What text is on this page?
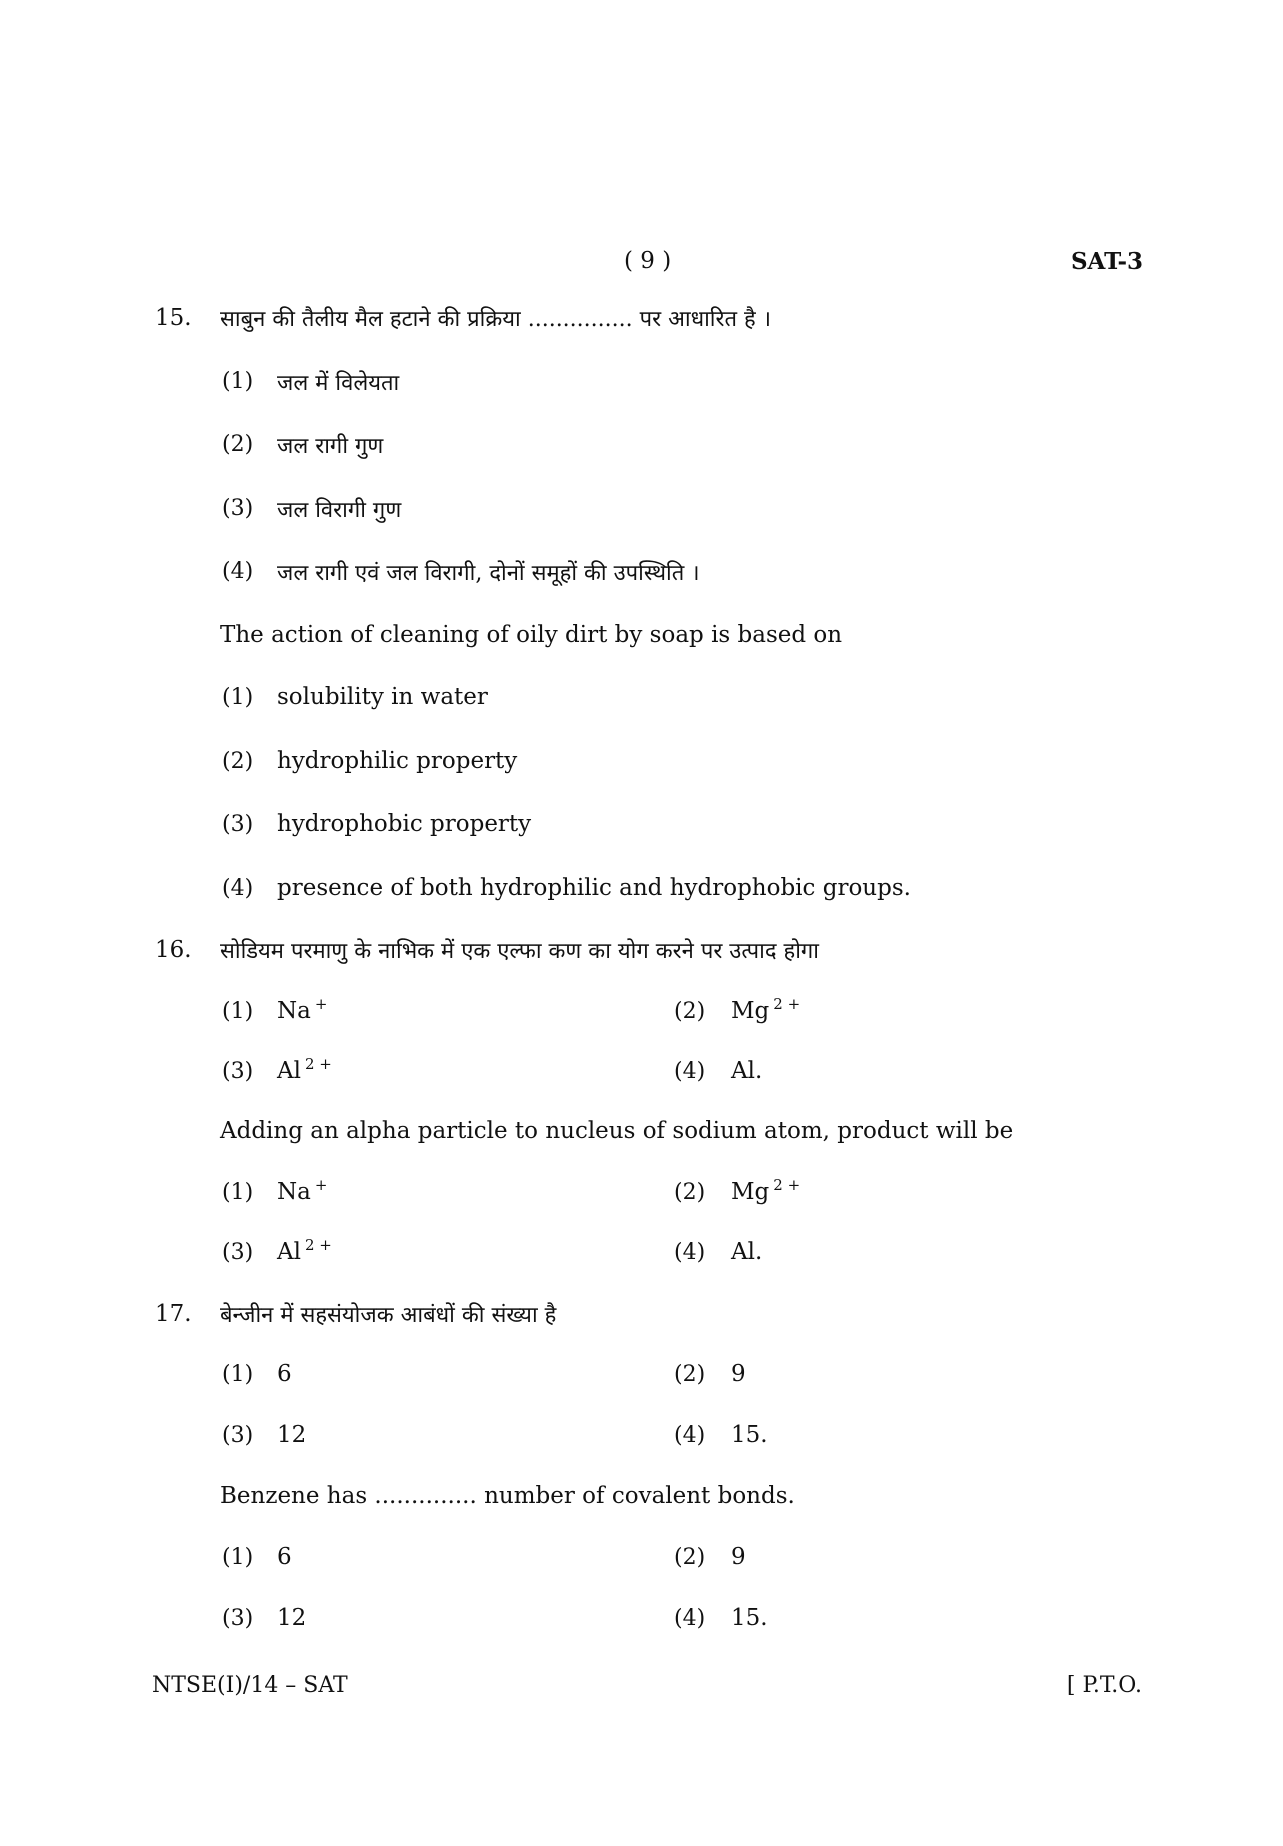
( 9 )	SAT-3
15. साबुन की तैलीय मैल हटाने की प्रक्रिया ............... पर आधारित है ।
(1) जल में विलेयता
(2) जल रागी गुण
(3) जल विरागी गुण
(4) जल रागी एवं जल विरागी, दोनों समूहों की उपस्थिति ।
The action of cleaning of oily dirt by soap is based on
(1) solubility in water
(2) hydrophilic property
(3) hydrophobic property
(4) presence of both hydrophilic and hydrophobic groups.
16. सोडियम परमाणु के नाभिक में एक एल्फा कण का योग करने पर उत्पाद होगा
(1) Na +	(2) Mg $^{2 +}$
(3) Al $^{2 +}$	(4) Al.
Adding an alpha particle to nucleus of sodium atom, product will be
(1) Na +	(2) Mg $^{2 +}$
(3) Al $^{2 +}$	(4) Al.
17. बेन्जीन में सहसंयोजक आबंधों की संख्या है
(1) 6	(2) 9
(3) 12	(4) 15.
Benzene has .............. number of covalent bonds.
(1) 6	(2) 9
(3) 12	(4) 15.
NTSE(I)/14 – SAT	[ P.T.O.
